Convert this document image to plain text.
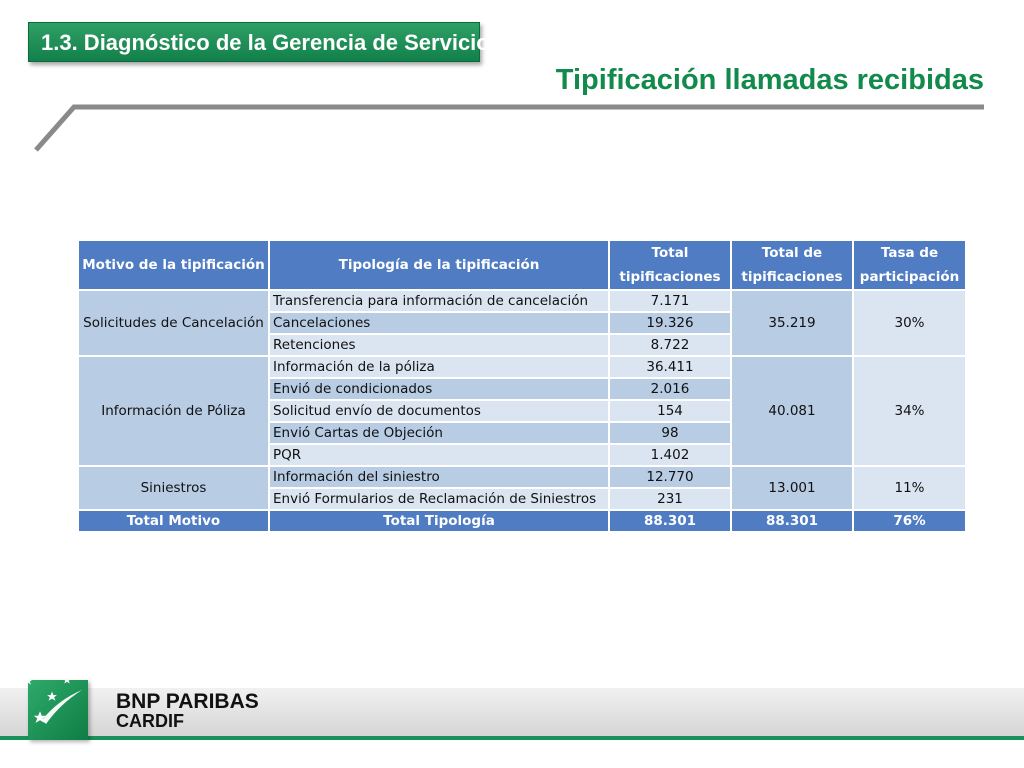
1.3. Diagnóstico de la Gerencia de Servicio
Tipificación llamadas recibidas
Motivo de la tipificación	Tipología de la tipificación	Total tipificaciones	Total de tipificaciones	Tasa de participación
Solicitudes de Cancelación	Transferencia para información de cancelación	7.171	35.219	30%
	Cancelaciones	19.326		
	Retenciones	8.722		
Información de Póliza	Información de la póliza	36.411	40.081	34%
	Envió de condicionados	2.016		
	Solicitud envío de documentos	154		
	Envió Cartas de Objeción	98		
	PQR	1.402		
Siniestros	Información del siniestro	12.770	13.001	11%
	Envió Formularios de Reclamación de Siniestros	231		
Total Motivo	Total Tipología	88.301	88.301	76%
BNP PARIBAS
CARDIF
